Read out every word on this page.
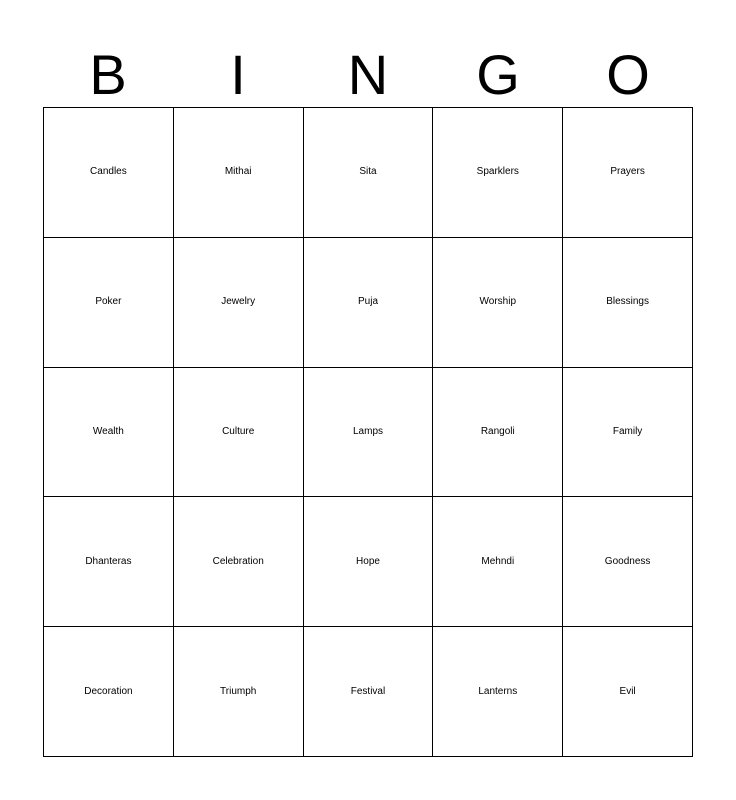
B	I	N	G	O
Candles	Mithai	Sita	Sparklers	Prayers
Poker	Jewelry	Puja	Worship	Blessings
Wealth	Culture	Lamps	Rangoli	Family
Dhanteras	Celebration	Hope	Mehndi	Goodness
Decoration	Triumph	Festival	Lanterns	Evil
